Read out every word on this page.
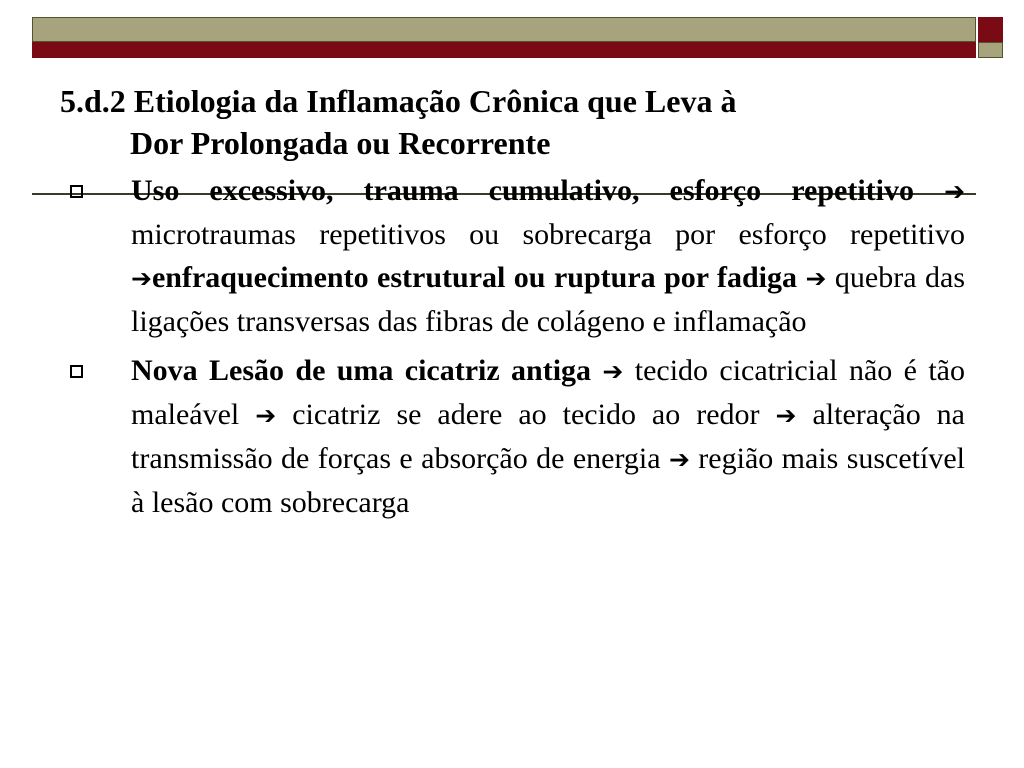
5.d.2 Etiologia da Inflamação Crônica que Leva à
Dor Prolongada ou Recorrente
Uso excessivo, trauma cumulativo, esforço repetitivo ➔ microtraumas repetitivos ou sobrecarga por esforço repetitivo ➔enfraquecimento estrutural ou ruptura por fadiga ➔ quebra das ligações transversas das fibras de colágeno e inflamação
Nova Lesão de uma cicatriz antiga ➔ tecido cicatricial não é tão maleável ➔ cicatriz se adere ao tecido ao redor ➔ alteração na transmissão de forças e absorção de energia ➔ região mais suscetível à lesão com sobrecarga
